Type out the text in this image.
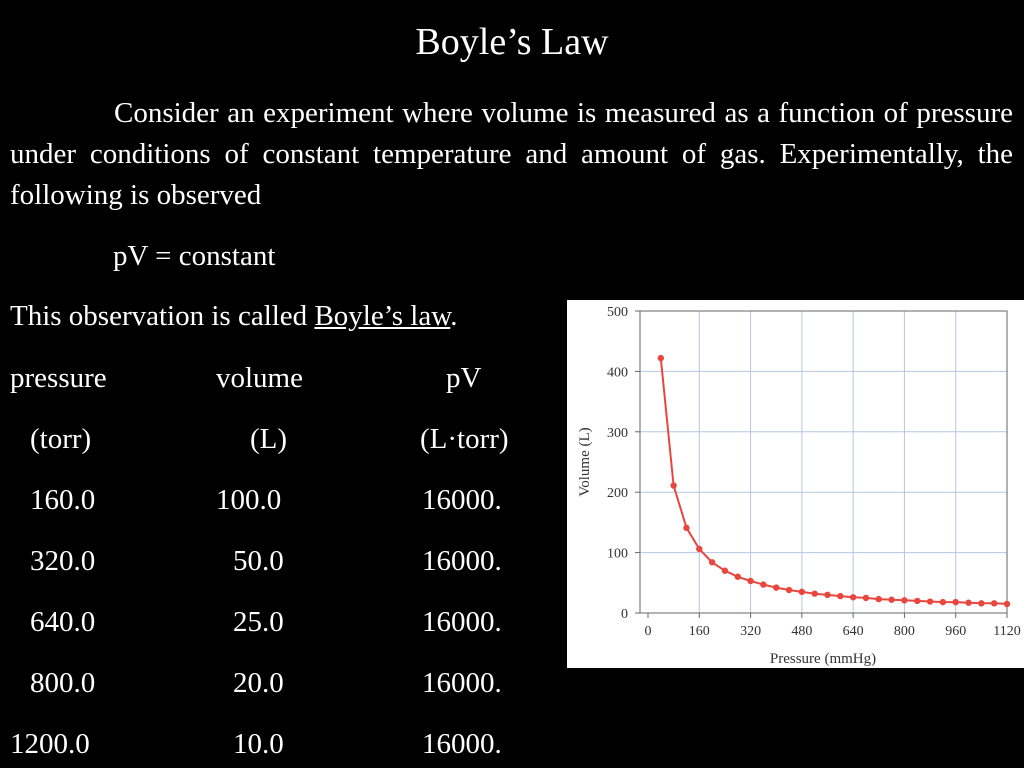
Boyle’s Law
Consider an experiment where volume is measured as a function of pressure under conditions of constant temperature and amount of gas. Experimentally, the following is observed
pV = constant
This observation is called Boyle’s law.
pressure	volume	pV
(torr)	(L)	(L·torr)
160.0	100.0	16000.
320.0	50.0	16000.
640.0	25.0	16000.
800.0	20.0	16000.
1200.0	10.0	16000.
0	160 320 480 640 800 960 1120
0
100
200
300
400
500
Pressure (mmHg)
Volume (L)
